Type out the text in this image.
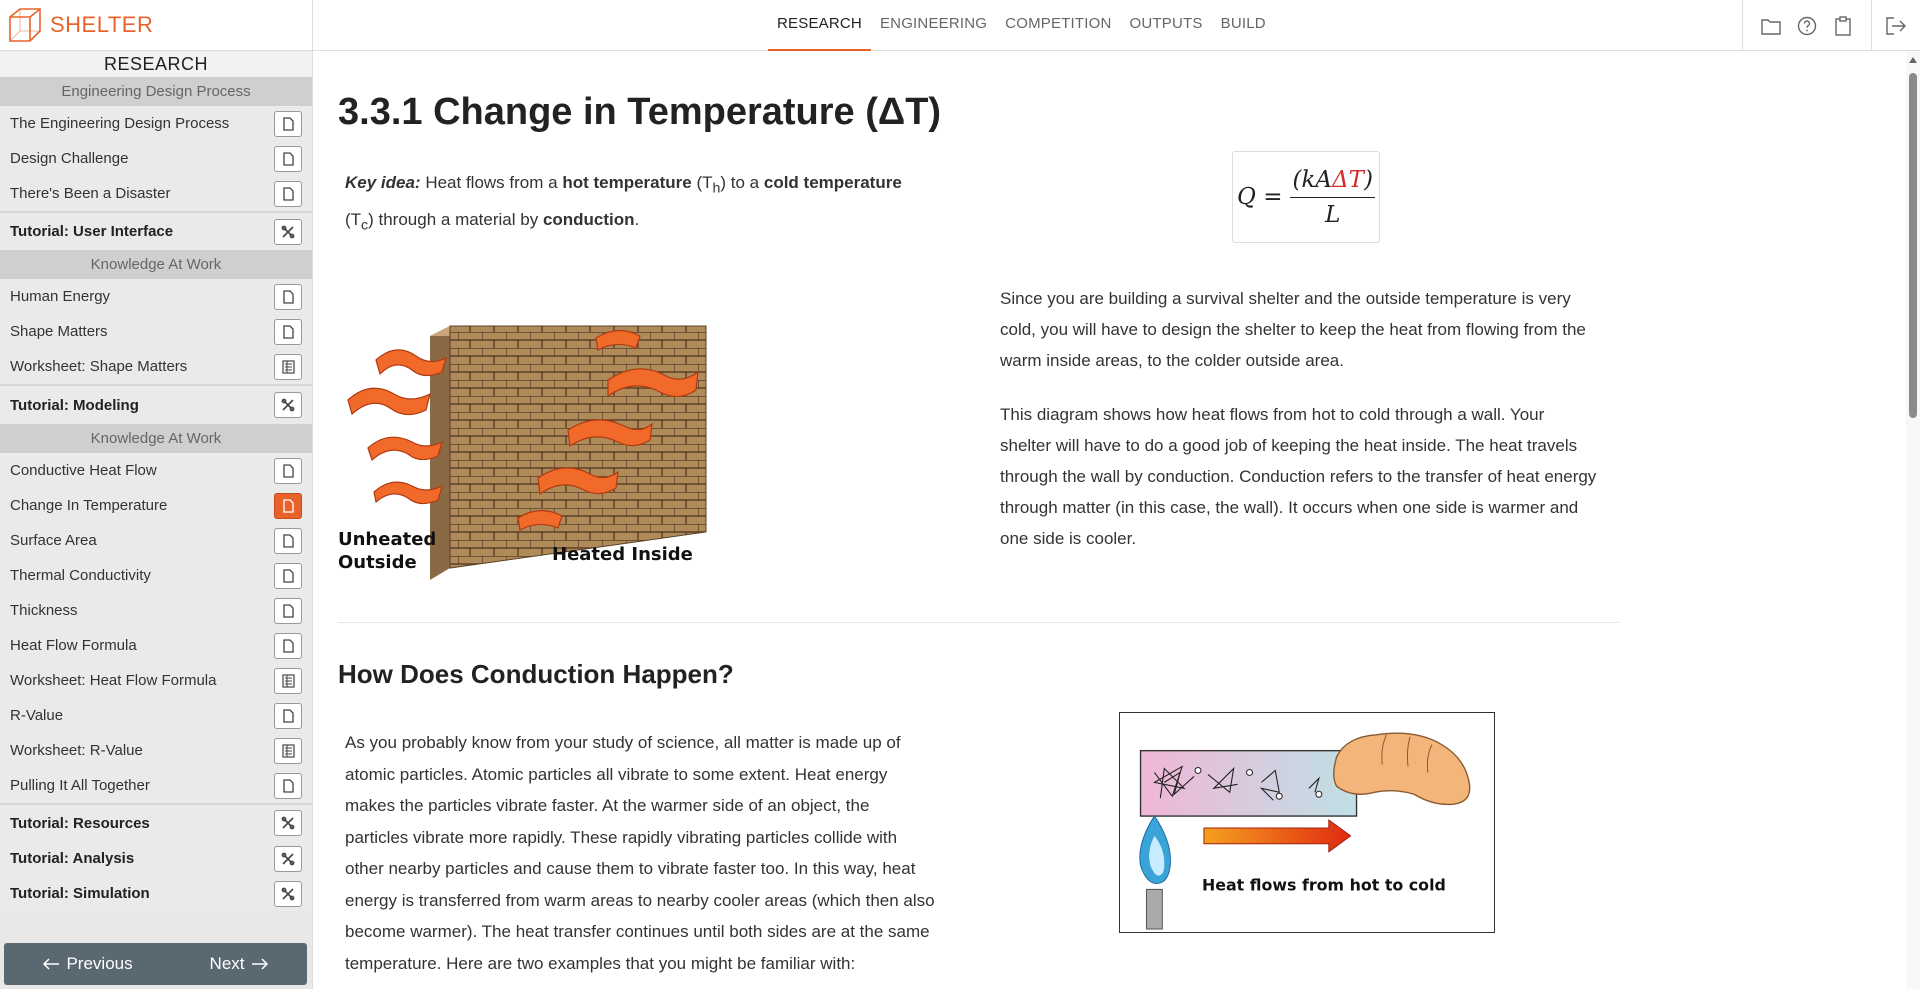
SHELTER	RESEARCH	ENGINEERING	COMPETITION	OUTPUTS	BUILD
RESEARCH
Engineering Design Process
The Engineering Design Process
Design Challenge
There's Been a Disaster
Tutorial: User Interface
Knowledge At Work
Human Energy
Shape Matters
Worksheet: Shape Matters
Tutorial: Modeling
Knowledge At Work
Conductive Heat Flow
Change In Temperature
Surface Area
Thermal Conductivity
Thickness
Heat Flow Formula
Worksheet: Heat Flow Formula
R-Value
Worksheet: R-Value
Pulling It All Together
Tutorial: Resources
Tutorial: Analysis
Tutorial: Simulation
Previous	Next
3.3.1 Change in Temperature (ΔT)
Key idea: Heat flows from a hot temperature $(T_h)$ to a cold temperature
$(T_c)$ through a material by conduction.
$Q = \frac{\text{(kAΔT)}}{L}$
Unheated
Outside	Heated Inside

Since you are building a survival shelter and the outside temperature is very cold, you will have to design the shelter to keep the heat from flowing from the warm inside areas, to the colder outside area.

This diagram shows how heat flows from hot to cold through a wall. Your shelter will have to do a good job of keeping the heat inside. The heat travels through the wall by conduction. Conduction refers to the transfer of heat energy through matter (in this case, the wall). It occurs when one side is warmer and one side is cooler.

How Does Conduction Happen?

As you probably know from your study of science, all matter is made up of atomic particles. Atomic particles all vibrate to some extent. Heat energy makes the particles vibrate faster. At the warmer side of an object, the particles vibrate more rapidly. These rapidly vibrating particles collide with other nearby particles and cause them to vibrate faster too. In this way, heat energy is transferred from warm areas to nearby cooler areas (which then also become warmer). The heat transfer continues until both sides are at the same temperature. Here are two examples that you might be familiar with:

Heat flows from hot to cold
